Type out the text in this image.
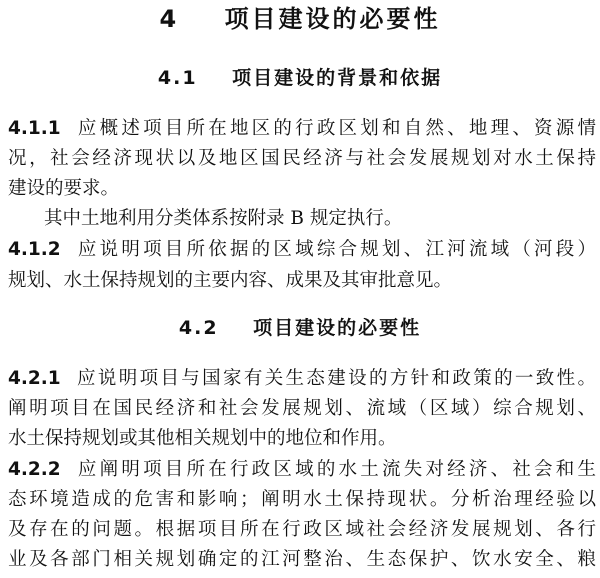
4 项目建设的必要性
4.1 项目建设的背景和依据
4.1.1 应概述项目所在地区的行政区划和自然、地理、资源情
况，社会经济现状以及地区国民经济与社会发展规划对水土保持
建设的要求。
其中土地利用分类体系按附录 B 规定执行。
4.1.2 应说明项目所依据的区域综合规划、江河流域（河段）
规划、水土保持规划的主要内容、成果及其审批意见。
4.2 项目建设的必要性
4.2.1 应说明项目与国家有关生态建设的方针和政策的一致性。
阐明项目在国民经济和社会发展规划、流域（区域）综合规划、
水土保持规划或其他相关规划中的地位和作用。
4.2.2 应阐明项目所在行政区域的水土流失对经济、社会和生
态环境造成的危害和影响；阐明水土保持现状。分析治理经验以
及存在的问题。根据项目所在行政区域社会经济发展规划、各行
业及各部门相关规划确定的江河整治、生态保护、饮水安全、粮
